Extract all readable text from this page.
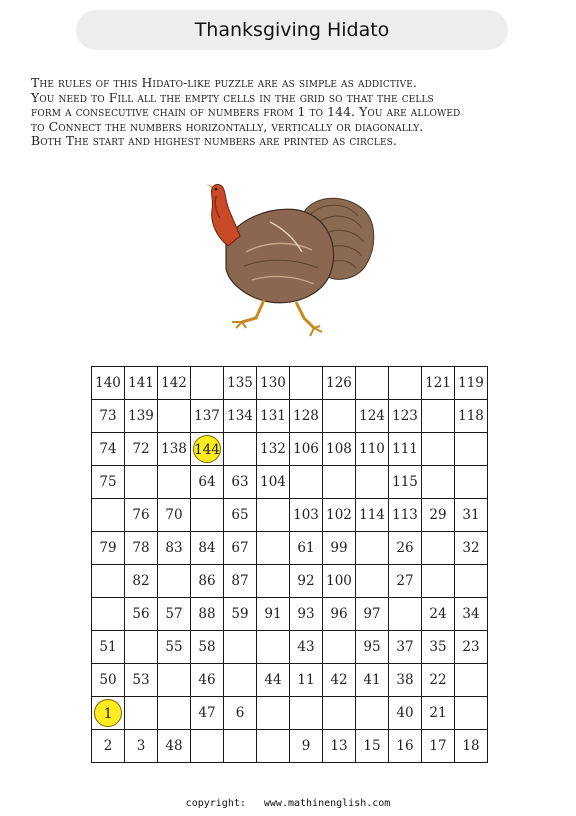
Thanksgiving Hidato
The rules of this Hidato-like puzzle are as simple as addictive.
You need to Fill all the empty cells in the grid so that the cells
form a consecutive chain of numbers from 1 to 144. You are allowed
to Connect the numbers horizontally, vertically or diagonally.
Both The start and highest numbers are printed as circles.
140	141	142		135	130		126			121	119
73	139		137	134	131	128		124	123		118
74	72	138	144		132	106	108	110	111		
75			64	63	104				115		
	76	70		65		103	102	114	113	29	31
79	78	83	84	67		61	99		26		32
	82		86	87		92	100		27		
	56	57	88	59	91	93	96	97		24	34
51		55	58			43		95	37	35	23
50	53		46		44	11	42	41	38	22	
1			47	6					40	21	
2	3	48				9	13	15	16	17	18
copyright: www.mathinenglish.com
